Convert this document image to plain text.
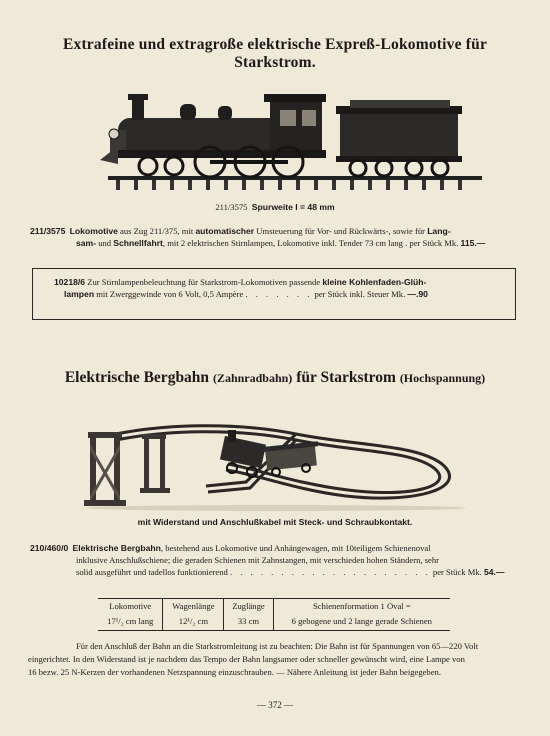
Extrafeine und extragroße elektrische Expreß-Lokomotive für Starkstrom.
211/3575 Spurweite I = 48 mm
211/3575 Lokomotive aus Zug 211/375, mit automatischer Umsteuerung für Vor- und Rückwärts-, sowie für Lang-
sam- und Schnellfahrt, mit 2 elektrischen Stirnlampen, Lokomotive inkl. Tender 73 cm lang . per Stück Mk. 115.—
10218/6 Zur Stirnlampenbeleuchtung für Starkstrom-Lokomotiven passende kleine Kohlenfaden-Glüh-
lampen mit Zwerggewinde von 6 Volt, 0,5 Ampère . . . . . . . per Stück inkl. Steuer Mk. —.90
Elektrische Bergbahn (Zahnradbahn) für Starkstrom (Hochspannung)
mit Widerstand und Anschlußkabel mit Steck- und Schraubkontakt.
210/460/0 Elektrische Bergbahn, bestehend aus Lokomotive und Anhängewagen, mit 10teiligem Schienenoval
inklusive Anschlußschiene; die geraden Schienen mit Zahnstangen, mit verschieden hohen Ständern, sehr
solid ausgeführt und tadellos funktionierend . . . . . . . . . . . . . . . . . . . . per Stück Mk. 54.—
Lokomotive	Wagenlänge	Zuglänge	Schienenformation 1 Oval =
17¹/₂ cm lang	12¹/₂ cm	33 cm	6 gebogene und 2 lange gerade Schienen

Für den Anschluß der Bahn an die Starkstromleitung ist zu beachten: Die Bahn ist für Spannungen von 65—220 Volt

eingerichtet. In den Widerstand ist je nachdem das Tempo der Bahn langsamer oder schneller gewünscht wird, eine Lampe von

16 bezw. 25 N-Kerzen der vorhandenen Netzspannung einzuschrauben. — Nähere Anleitung ist jeder Bahn beigegeben.

— 372 —
